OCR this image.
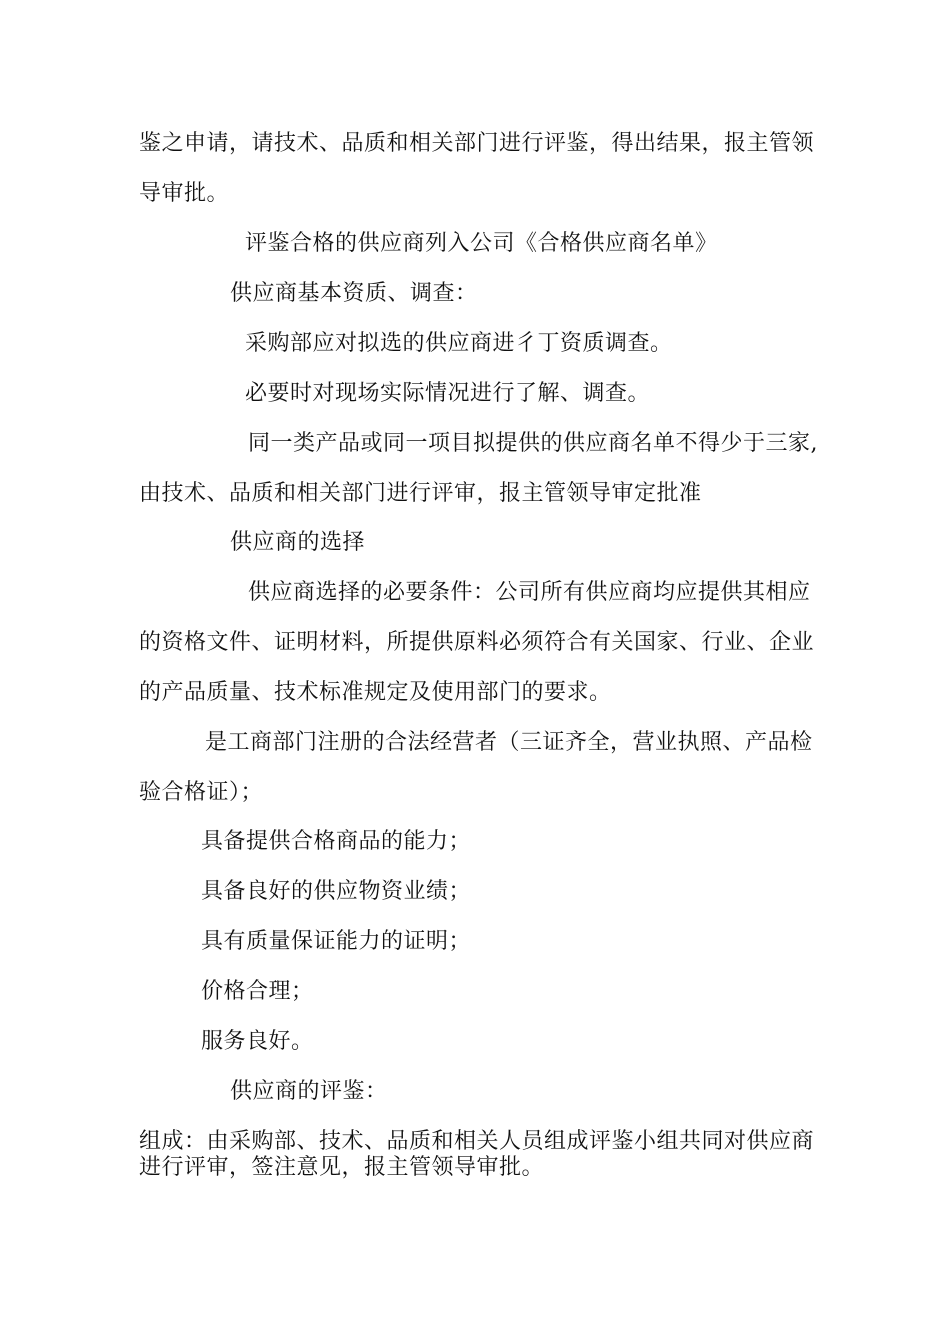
鉴之申请，请技术、品质和相关部门进行评鉴，得出结果，报主管领
导审批。
评鉴合格的供应商列入公司《合格供应商名单》
供应商基本资质、调查：
采购部应对拟选的供应商进彳丁资质调查。
必要时对现场实际情况进行了解、调查。
同一类产品或同一项目拟提供的供应商名单不得少于三家,
由技术、品质和相关部门进行评审，报主管领导审定批准
供应商的选择
供应商选择的必要条件：公司所有供应商均应提供其相应
的资格文件、证明材料，所提供原料必须符合有关国家、行业、企业
的产品质量、技术标准规定及使用部门的要求。
是工商部门注册的合法经营者（三证齐全，营业执照、产品检
验合格证）；
具备提供合格商品的能力；
具备良好的供应物资业绩；
具有质量保证能力的证明；
价格合理；
服务良好。
供应商的评鉴：
组成：由采购部、技术、品质和相关人员组成评鉴小组共同对供应商
进行评审，签注意见，报主管领导审批。
